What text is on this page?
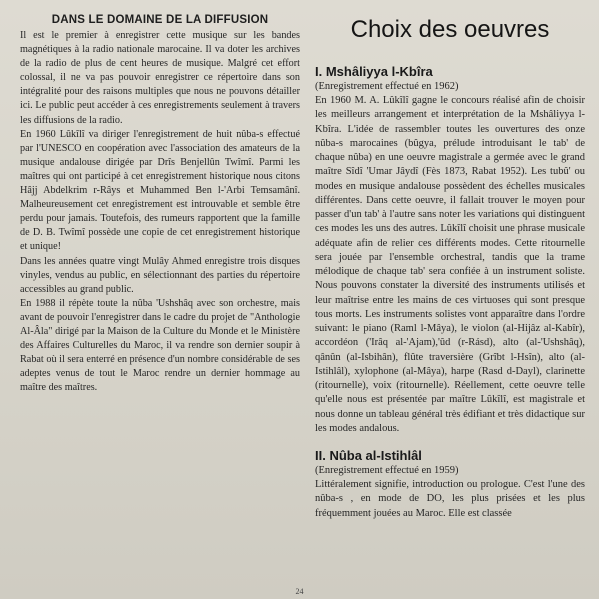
DANS LE DOMAINE DE LA DIFFUSION

Il est le premier à enregistrer cette musique sur les bandes magnétiques à la radio nationale marocaine. Il va doter les archives de la radio de plus de cent heures de musique. Malgré cet effort colossal, il ne va pas pouvoir enregistrer ce répertoire dans son intégralité pour des raisons multiples que nous ne pouvons détailler ici. Le public peut accéder à ces enregistrements seulement à travers les diffusions de la radio.

En 1960 Lûkîlî va diriger l'enregistrement de huit nûba-s effectué par l'UNESCO en coopération avec l'association des amateurs de la musique andalouse dirigée par Drîs Benjellûn Twîmî. Parmi les maîtres qui ont participé à cet enregistrement historique nous citons Hâjj Abdelkrim r-Râys et Muhammed Ben l-'Arbi Temsamânî. Malheureusement cet enregistrement est introuvable et semble être perdu pour jamais. Toutefois, des rumeurs rapportent que la famille de D. B. Twîmî possède une copie de cet enregistrement historique et unique!

Dans les années quatre vingt Mulây Ahmed enregistre trois disques vinyles, vendus au public, en sélectionnant des parties du répertoire accessibles au grand public.

En 1988 il répète toute la nûba 'Ushshâq avec son orchestre, mais avant de pouvoir l'enregistrer dans le cadre du projet de "Anthologie Al-Âla" dirigé par la Maison de la Culture du Monde et le Ministère des Affaires Culturelles du Maroc, il va rendre son dernier soupir à Rabat où il sera enterré en présence d'un nombre considérable de ses adeptes venus de tout le Maroc rendre un dernier hommage au maître des maîtres.

Choix des oeuvres
I. Mshâliyya l-Kbîra

(Enregistrement effectué en 1962)

En 1960 M. A. Lûkîlî gagne le concours réalisé afin de choisir les meilleurs arrangement et interprétation de la Mshâliyya l-Kbîra. L'idée de rassembler toutes les ouvertures des onze nûba-s marocaines (bûgya, prélude introduisant le tab' de chaque nûba) en une oeuvre magistrale a germée avec le grand maître Sîdî 'Umar Jâydî (Fès 1873, Rabat 1952). Les tubû' ou modes en musique andalouse possèdent des échelles musicales différentes. Dans cette oeuvre, il fallait trouver le moyen pour passer d'un tab' à l'autre sans noter les variations qui distinguent ces modes les uns des autres. Lûkîlî choisit une phrase musicale adéquate afin de relier ces différents modes. Cette ritournelle sera jouée par l'ensemble orchestral, tandis que la trame mélodique de chaque tab' sera confiée à un instrument soliste. Nous pouvons constater la diversité des instruments utilisés et leur maîtrise entre les mains de ces virtuoses qui sont presque tous morts. Les instruments solistes vont apparaître dans l'ordre suivant: le piano (Raml l-Mâya), le violon (al-Hijâz al-Kabîr), accordéon ('Irâq al-'Ajam),'ûd (r-Rásd), alto (al-'Ushshâq), qânûn (al-Isbihân), flûte traversière (Grîbt l-Hsîn), alto (al-Istihlâl), xylophone (al-Mâya), harpe (Rasd d-Dayl), clarinette (ritournelle), voix (ritournelle). Réellement, cette oeuvre telle qu'elle nous est présentée par maître Lûkîlî, est magistrale et nous donne un tableau général très édifiant et très didactique sur les modes andalous.

II. Nûba al-Istihlâl

(Enregistrement effectué en 1959)

Littéralement signifie, introduction ou prologue. C'est l'une des nûba-s , en mode de DO, les plus prisées et les plus fréquemment jouées au Maroc. Elle est classée

24
